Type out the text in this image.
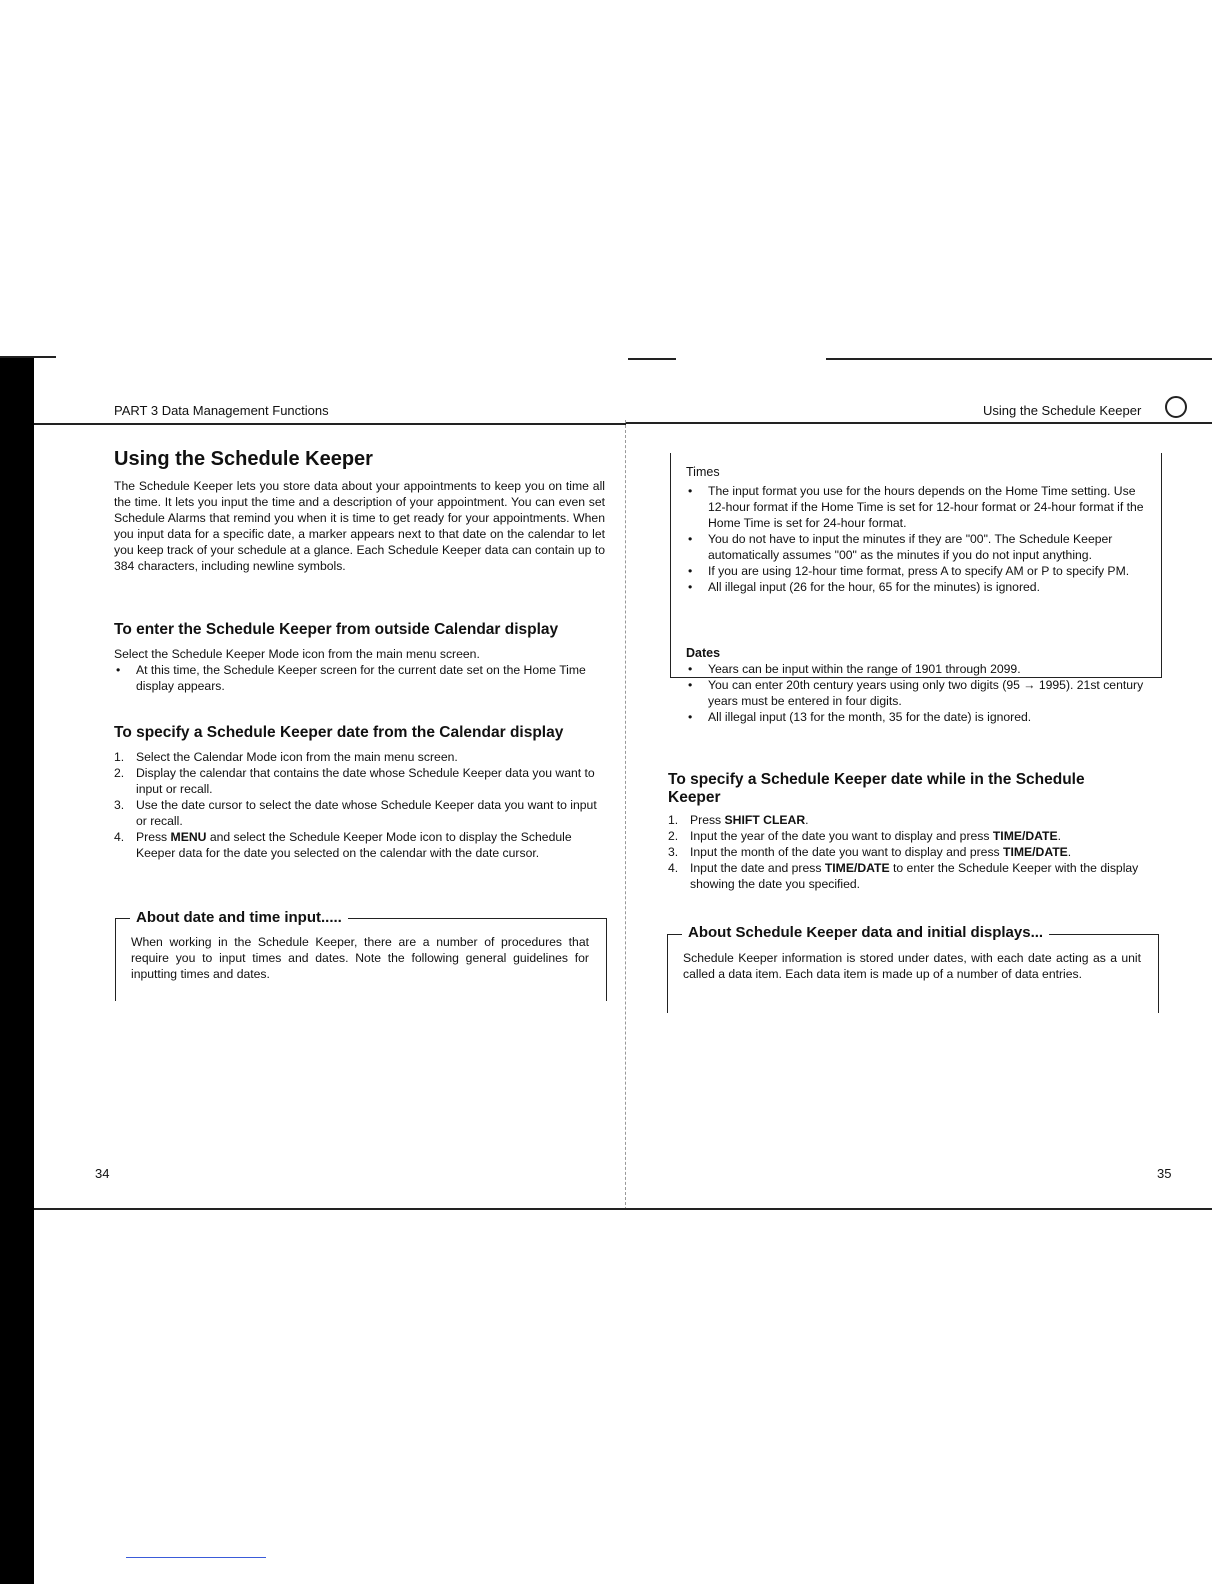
PART 3 Data Management Functions
Using the Schedule Keeper

The Schedule Keeper lets you store data about your appointments to keep you on time all the time. It lets you input the time and a description of your appointment. You can even set Schedule Alarms that remind you when it is time to get ready for your appointments. When you input data for a specific date, a marker appears next to that date on the calendar to let you keep track of your schedule at a glance. Each Schedule Keeper data can contain up to 384 characters, including newline symbols.

To enter the Schedule Keeper from outside Calendar display

Select the Schedule Keeper Mode icon from the main menu screen.

• At this time, the Schedule Keeper screen for the current date set on the Home Time display appears.
To specify a Schedule Keeper date from the Calendar display
1. Select the Calendar Mode icon from the main menu screen.
2. Display the calendar that contains the date whose Schedule Keeper data you want to input or recall.
3. Use the date cursor to select the date whose Schedule Keeper data you want to input or recall.
4. Press MENU and select the Schedule Keeper Mode icon to display the Schedule Keeper data for the date you selected on the calendar with the date cursor.
About date and time input.....

When working in the Schedule Keeper, there are a number of procedures that require you to input times and dates. Note the following general guidelines for inputting times and dates.

34
Using the Schedule Keeper

Times

• The input format you use for the hours depends on the Home Time setting. Use 12-hour format if the Home Time is set for 12-hour format or 24-hour format if the Home Time is set for 24-hour format.
• You do not have to input the minutes if they are "00". The Schedule Keeper automatically assumes "00" as the minutes if you do not input anything.
• If you are using 12-hour time format, press A to specify AM or P to specify PM.
• All illegal input (26 for the hour, 65 for the minutes) is ignored.

Dates

• Years can be input within the range of 1901 through 2099.
• You can enter 20th century years using only two digits (95 → 1995). 21st century years must be entered in four digits.
• All illegal input (13 for the month, 35 for the date) is ignored.
To specify a Schedule Keeper date while in the Schedule Keeper
1. Press SHIFT CLEAR.
2. Input the year of the date you want to display and press TIME/DATE.
3. Input the month of the date you want to display and press TIME/DATE.
4. Input the date and press TIME/DATE to enter the Schedule Keeper with the display showing the date you specified.
About Schedule Keeper data and initial displays...

Schedule Keeper information is stored under dates, with each date acting as a unit called a data item. Each data item is made up of a number of data entries.

35
